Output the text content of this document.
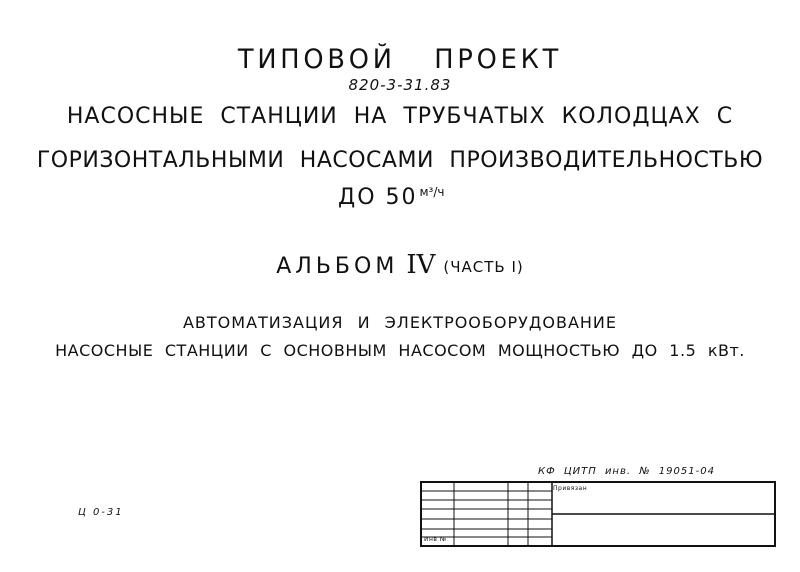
ТИПОВОЙ ПРОЕКТ
820-3-31.83
НАСОСНЫЕ СТАНЦИИ НА ТРУБЧАТЫХ КОЛОДЦАХ С
ГОРИЗОНТАЛЬНЫМИ НАСОСАМИ ПРОИЗВОДИТЕЛЬНОСТЬЮ
ДО 50 $^{м^3/ч}$
АЛЬБОМ IV (ЧАСТЬ I)
АВТОМАТИЗАЦИЯ И ЭЛЕКТРООБОРУДОВАНИЕ
НАСОСНЫЕ СТАНЦИИ С ОСНОВНЫМ НАСОСОМ МОЩНОСТЬЮ ДО 1.5 кВт.
КФ ЦИТП инв. № 19051-04
Привязан
Инв №
Ц 0-31
